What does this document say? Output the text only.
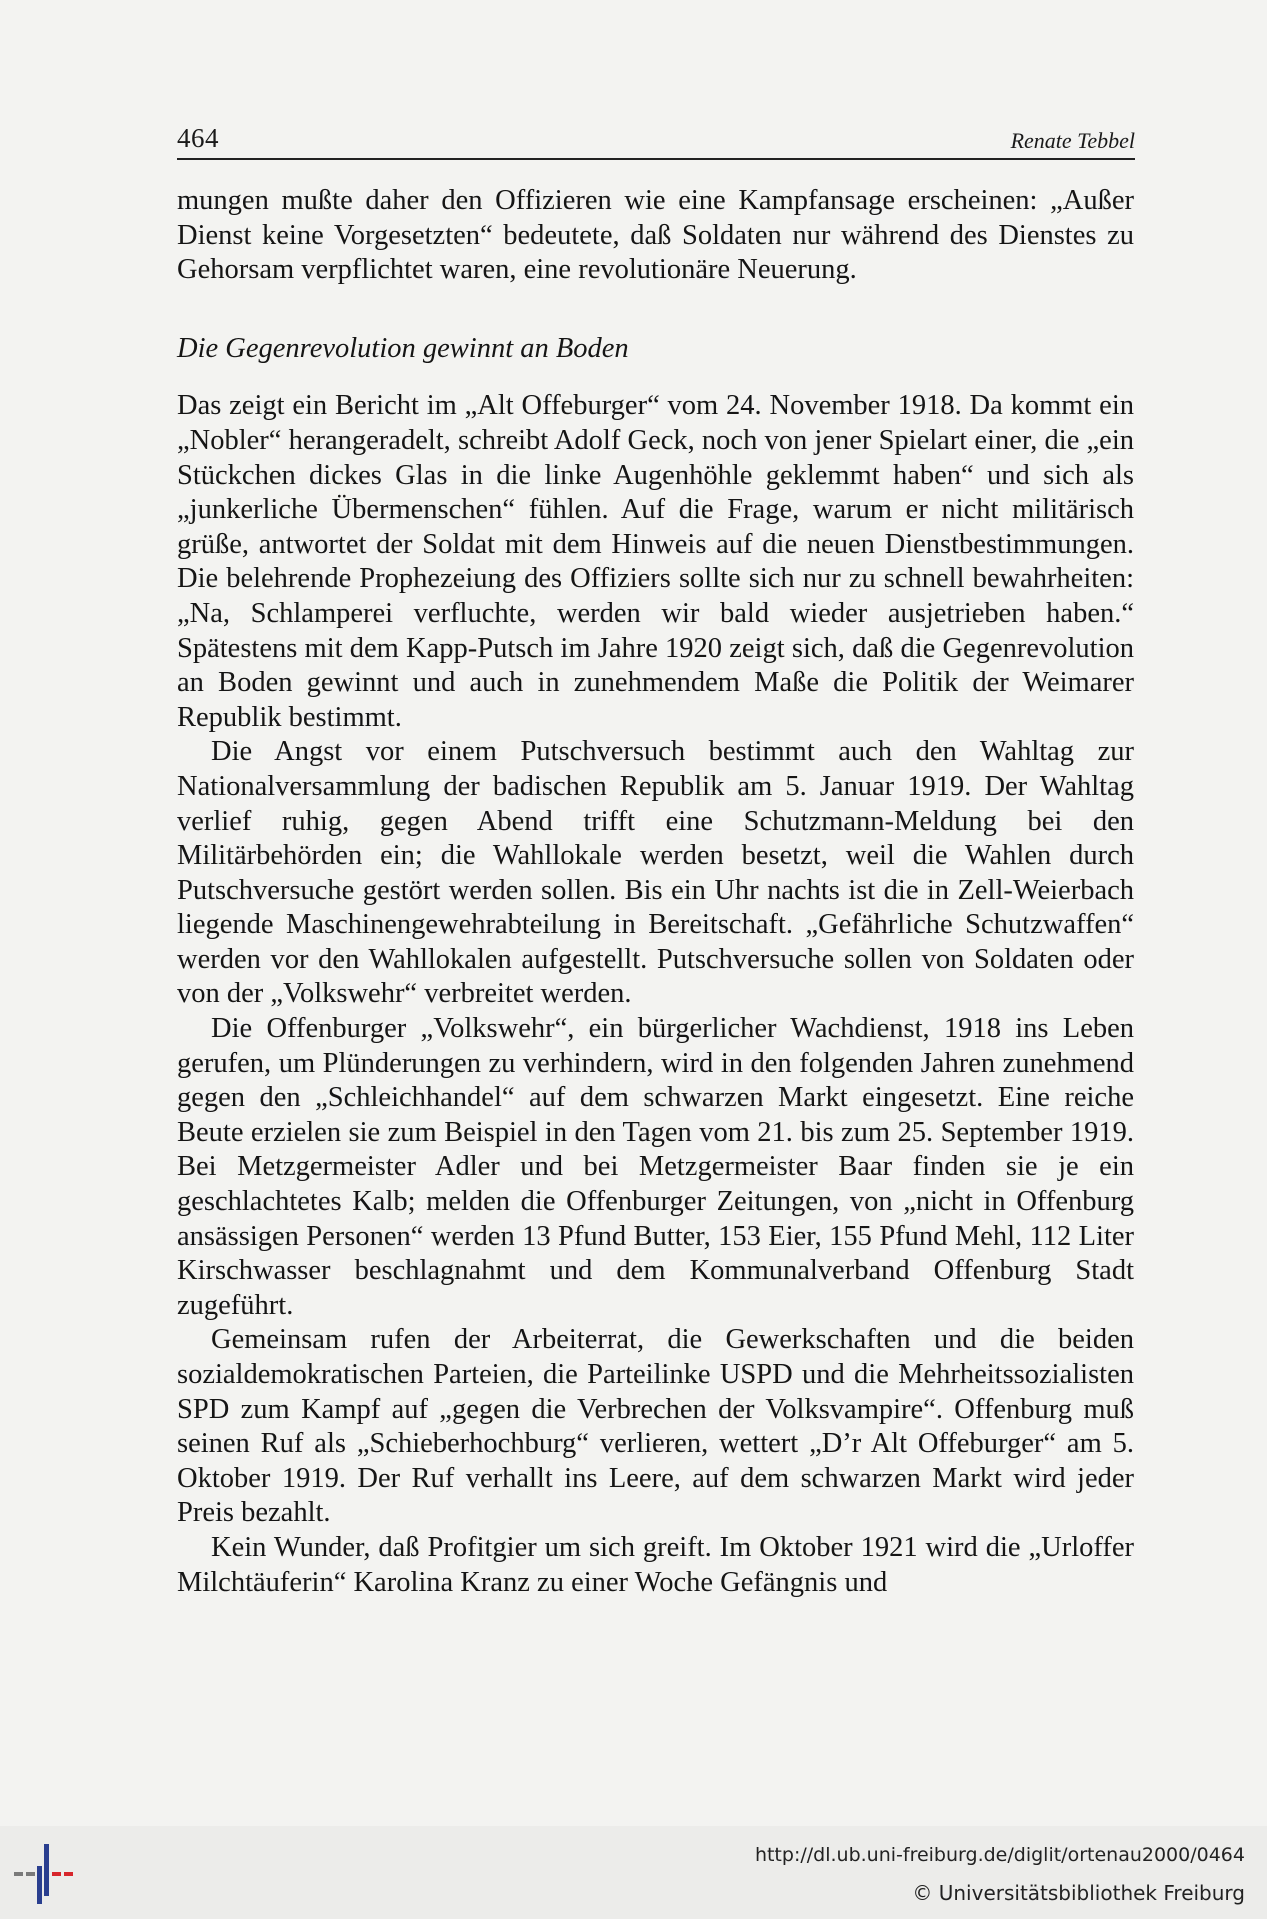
464	Renate Tebbel

mungen mußte daher den Offizieren wie eine Kampfansage erscheinen: „Außer Dienst keine Vorgesetzten“ bedeutete, daß Soldaten nur während des Dienstes zu Gehorsam verpflichtet waren, eine revolutionäre Neuerung.

Die Gegenrevolution gewinnt an Boden

Das zeigt ein Bericht im „Alt Offeburger“ vom 24. November 1918. Da kommt ein „Nobler“ herangeradelt, schreibt Adolf Geck, noch von jener Spielart einer, die „ein Stückchen dickes Glas in die linke Augenhöhle geklemmt haben“ und sich als „junkerliche Übermenschen“ fühlen. Auf die Frage, warum er nicht militärisch grüße, antwortet der Soldat mit dem Hinweis auf die neuen Dienstbestimmungen. Die belehrende Prophezeiung des Offiziers sollte sich nur zu schnell bewahrheiten: „Na, Schlamperei verfluchte, werden wir bald wieder ausjetrieben haben.“ Spätestens mit dem Kapp-Putsch im Jahre 1920 zeigt sich, daß die Gegenrevolution an Boden gewinnt und auch in zunehmendem Maße die Politik der Weimarer Republik bestimmt.

Die Angst vor einem Putschversuch bestimmt auch den Wahltag zur Nationalversammlung der badischen Republik am 5. Januar 1919. Der Wahltag verlief ruhig, gegen Abend trifft eine Schutzmann-Meldung bei den Militärbehörden ein; die Wahllokale werden besetzt, weil die Wahlen durch Putschversuche gestört werden sollen. Bis ein Uhr nachts ist die in Zell-Weierbach liegende Maschinengewehrabteilung in Bereitschaft. „Gefährliche Schutzwaffen“ werden vor den Wahllokalen aufgestellt. Putschversuche sollen von Soldaten oder von der „Volkswehr“ verbreitet werden.

Die Offenburger „Volkswehr“, ein bürgerlicher Wachdienst, 1918 ins Leben gerufen, um Plünderungen zu verhindern, wird in den folgenden Jahren zunehmend gegen den „Schleichhandel“ auf dem schwarzen Markt eingesetzt. Eine reiche Beute erzielen sie zum Beispiel in den Tagen vom 21. bis zum 25. September 1919. Bei Metzgermeister Adler und bei Metzgermeister Baar finden sie je ein geschlachtetes Kalb; melden die Offenburger Zeitungen, von „nicht in Offenburg ansässigen Personen“ werden 13 Pfund Butter, 153 Eier, 155 Pfund Mehl, 112 Liter Kirschwasser beschlagnahmt und dem Kommunalverband Offenburg Stadt zugeführt.

Gemeinsam rufen der Arbeiterrat, die Gewerkschaften und die beiden sozialdemokratischen Parteien, die Parteilinke USPD und die Mehrheitssozialisten SPD zum Kampf auf „gegen die Verbrechen der Volksvampire“. Offenburg muß seinen Ruf als „Schieberhochburg“ verlieren, wettert „D’r Alt Offeburger“ am 5. Oktober 1919. Der Ruf verhallt ins Leere, auf dem schwarzen Markt wird jeder Preis bezahlt.

Kein Wunder, daß Profitgier um sich greift. Im Oktober 1921 wird die „Urloffer Milchtäuferin“ Karolina Kranz zu einer Woche Gefängnis und

http://dl.ub.uni-freiburg.de/diglit/ortenau2000/0464
© Universitätsbibliothek Freiburg
